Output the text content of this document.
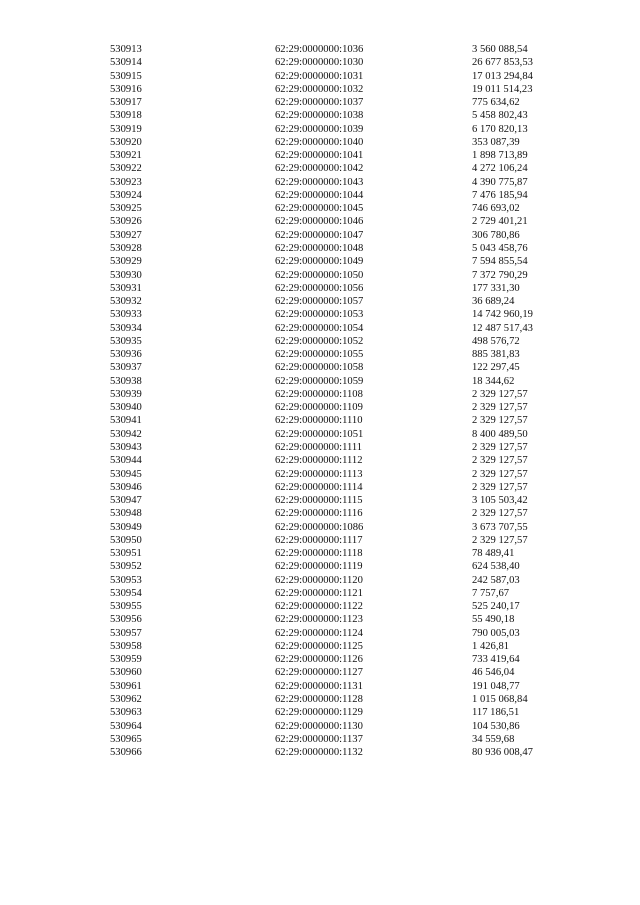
530913	62:29:0000000:1036	3 560 088,54
530914	62:29:0000000:1030	26 677 853,53
530915	62:29:0000000:1031	17 013 294,84
530916	62:29:0000000:1032	19 011 514,23
530917	62:29:0000000:1037	775 634,62
530918	62:29:0000000:1038	5 458 802,43
530919	62:29:0000000:1039	6 170 820,13
530920	62:29:0000000:1040	353 087,39
530921	62:29:0000000:1041	1 898 713,89
530922	62:29:0000000:1042	4 272 106,24
530923	62:29:0000000:1043	4 390 775,87
530924	62:29:0000000:1044	7 476 185,94
530925	62:29:0000000:1045	746 693,02
530926	62:29:0000000:1046	2 729 401,21
530927	62:29:0000000:1047	306 780,86
530928	62:29:0000000:1048	5 043 458,76
530929	62:29:0000000:1049	7 594 855,54
530930	62:29:0000000:1050	7 372 790,29
530931	62:29:0000000:1056	177 331,30
530932	62:29:0000000:1057	36 689,24
530933	62:29:0000000:1053	14 742 960,19
530934	62:29:0000000:1054	12 487 517,43
530935	62:29:0000000:1052	498 576,72
530936	62:29:0000000:1055	885 381,83
530937	62:29:0000000:1058	122 297,45
530938	62:29:0000000:1059	18 344,62
530939	62:29:0000000:1108	2 329 127,57
530940	62:29:0000000:1109	2 329 127,57
530941	62:29:0000000:1110	2 329 127,57
530942	62:29:0000000:1051	8 400 489,50
530943	62:29:0000000:1111	2 329 127,57
530944	62:29:0000000:1112	2 329 127,57
530945	62:29:0000000:1113	2 329 127,57
530946	62:29:0000000:1114	2 329 127,57
530947	62:29:0000000:1115	3 105 503,42
530948	62:29:0000000:1116	2 329 127,57
530949	62:29:0000000:1086	3 673 707,55
530950	62:29:0000000:1117	2 329 127,57
530951	62:29:0000000:1118	78 489,41
530952	62:29:0000000:1119	624 538,40
530953	62:29:0000000:1120	242 587,03
530954	62:29:0000000:1121	7 757,67
530955	62:29:0000000:1122	525 240,17
530956	62:29:0000000:1123	55 490,18
530957	62:29:0000000:1124	790 005,03
530958	62:29:0000000:1125	1 426,81
530959	62:29:0000000:1126	733 419,64
530960	62:29:0000000:1127	46 546,04
530961	62:29:0000000:1131	191 048,77
530962	62:29:0000000:1128	1 015 068,84
530963	62:29:0000000:1129	117 186,51
530964	62:29:0000000:1130	104 530,86
530965	62:29:0000000:1137	34 559,68
530966	62:29:0000000:1132	80 936 008,47
